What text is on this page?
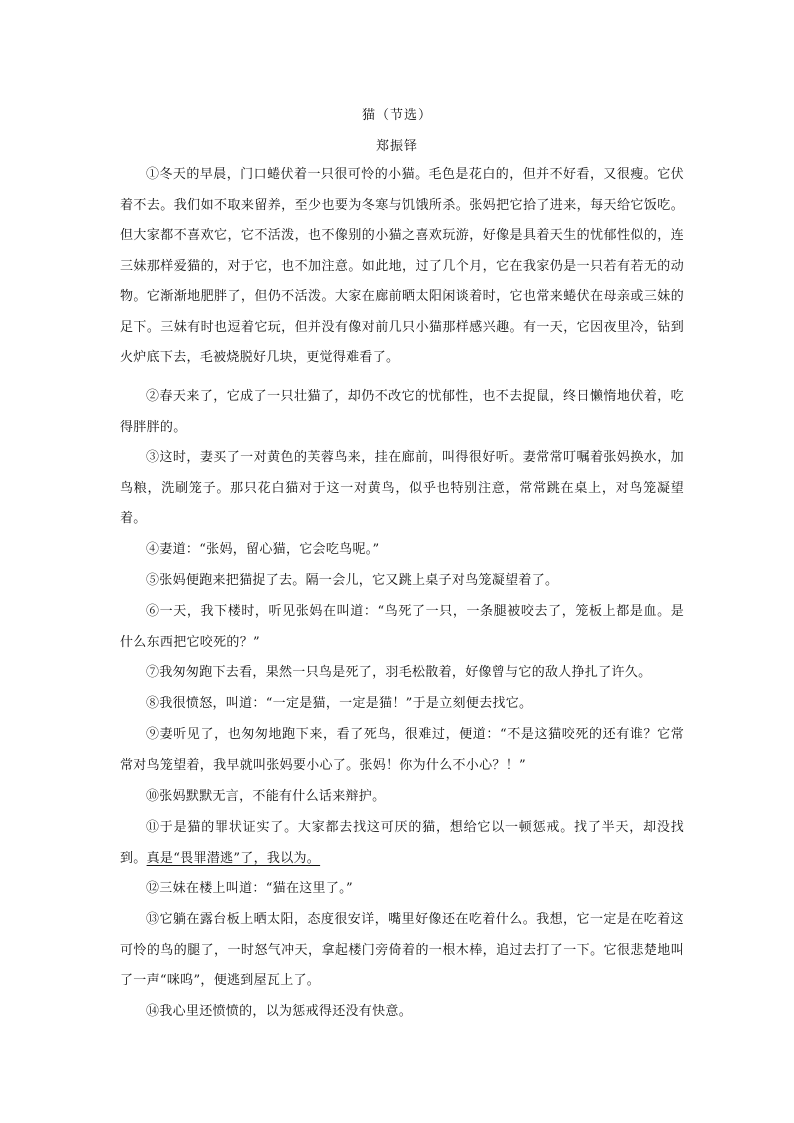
猫（节选）
郑振铎

①冬天的早晨，门口蜷伏着一只很可怜的小猫。毛色是花白的，但并不好看，又很瘦。它伏着不去。我们如不取来留养，至少也要为冬寒与饥饿所杀。张妈把它拾了进来，每天给它饭吃。但大家都不喜欢它，它不活泼，也不像别的小猫之喜欢玩游，好像是具着天生的忧郁性似的，连三妹那样爱猫的，对于它，也不加注意。如此地，过了几个月，它在我家仍是一只若有若无的动物。它渐渐地肥胖了，但仍不活泼。大家在廊前晒太阳闲谈着时，它也常来蜷伏在母亲或三妹的足下。三妹有时也逗着它玩，但并没有像对前几只小猫那样感兴趣。有一天，它因夜里冷，钻到火炉底下去，毛被烧脱好几块，更觉得难看了。

②春天来了，它成了一只壮猫了，却仍不改它的忧郁性，也不去捉鼠，终日懒惰地伏着，吃得胖胖的。

③这时，妻买了一对黄色的芙蓉鸟来，挂在廊前，叫得很好听。妻常常叮嘱着张妈换水，加鸟粮，洗刷笼子。那只花白猫对于这一对黄鸟，似乎也特别注意，常常跳在桌上，对鸟笼凝望着。

④妻道：“张妈，留心猫，它会吃鸟呢。”

⑤张妈便跑来把猫捉了去。隔一会儿，它又跳上桌子对鸟笼凝望着了。

⑥一天，我下楼时，听见张妈在叫道：“鸟死了一只，一条腿被咬去了，笼板上都是血。是什么东西把它咬死的？”

⑦我匆匆跑下去看，果然一只鸟是死了，羽毛松散着，好像曾与它的敌人挣扎了许久。

⑧我很愤怒，叫道：“一定是猫，一定是猫！”于是立刻便去找它。

⑨妻听见了，也匆匆地跑下来，看了死鸟，很难过，便道：“不是这猫咬死的还有谁？它常常对鸟笼望着，我早就叫张妈要小心了。张妈！你为什么不小心？！”

⑩张妈默默无言，不能有什么话来辩护。

⑪于是猫的罪状证实了。大家都去找这可厌的猫，想给它以一顿惩戒。找了半天，却没找到。真是“畏罪潜逃”了，我以为。

⑫三妹在楼上叫道：“猫在这里了。”

⑬它躺在露台板上晒太阳，态度很安详，嘴里好像还在吃着什么。我想，它一定是在吃着这可怜的鸟的腿了，一时怒气冲天，拿起楼门旁倚着的一根木棒，追过去打了一下。它很悲楚地叫了一声“咪呜”，便逃到屋瓦上了。

⑭我心里还愤愤的，以为惩戒得还没有快意。
